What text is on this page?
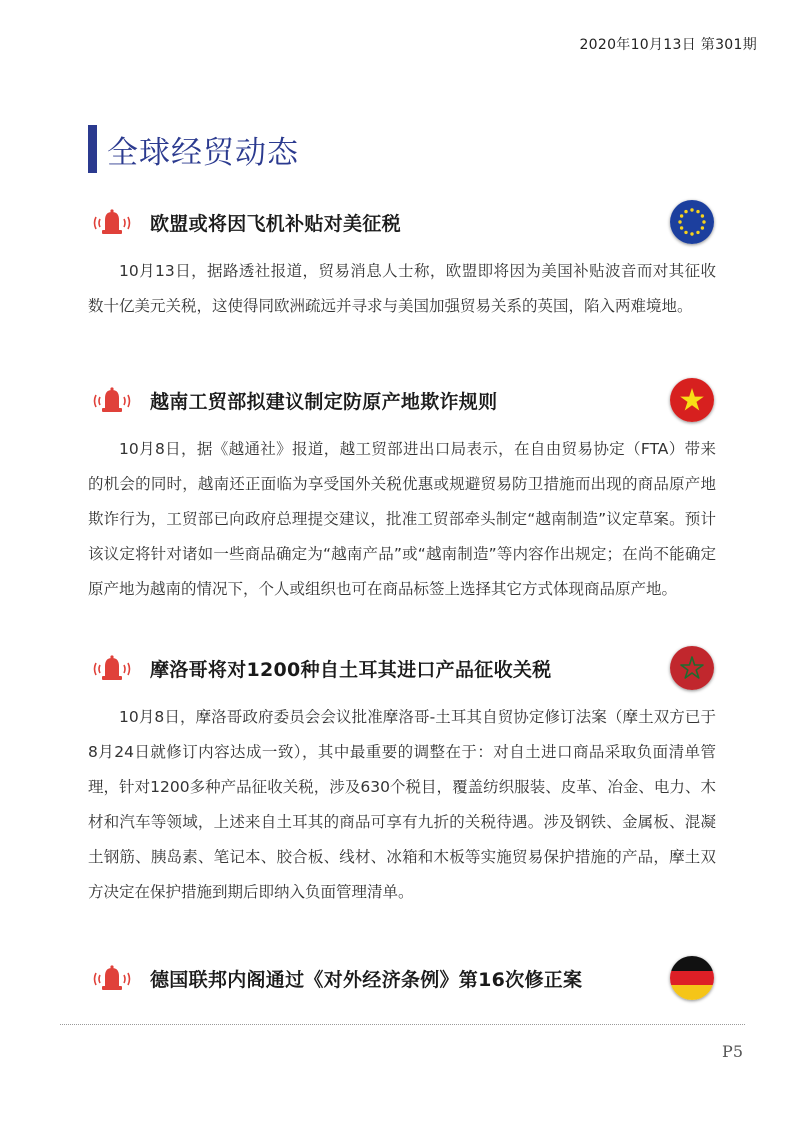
2020年10月13日 第301期
全球经贸动态
欧盟或将因飞机补贴对美征税

10月13日，据路透社报道，贸易消息人士称，欧盟即将因为美国补贴波音而对其征收数十亿美元关税，这使得同欧洲疏远并寻求与美国加强贸易关系的英国，陷入两难境地。

越南工贸部拟建议制定防原产地欺诈规则

10月8日，据《越通社》报道，越工贸部进出口局表示，在自由贸易协定（FTA）带来的机会的同时，越南还正面临为享受国外关税优惠或规避贸易防卫措施而出现的商品原产地欺诈行为，工贸部已向政府总理提交建议，批准工贸部牵头制定“越南制造”议定草案。预计该议定将针对诸如一些商品确定为“越南产品”或“越南制造”等内容作出规定；在尚不能确定原产地为越南的情况下，个人或组织也可在商品标签上选择其它方式体现商品原产地。

摩洛哥将对1200种自土耳其进口产品征收关税

10月8日，摩洛哥政府委员会会议批准摩洛哥-土耳其自贸协定修订法案（摩土双方已于8月24日就修订内容达成一致），其中最重要的调整在于：对自土进口商品采取负面清单管理，针对1200多种产品征收关税，涉及630个税目，覆盖纺织服装、皮革、冶金、电力、木材和汽车等领域，上述来自土耳其的商品可享有九折的关税待遇。涉及钢铁、金属板、混凝土钢筋、胰岛素、笔记本、胶合板、线材、冰箱和木板等实施贸易保护措施的产品，摩土双方决定在保护措施到期后即纳入负面管理清单。

德国联邦内阁通过《对外经济条例》第16次修正案
P5
